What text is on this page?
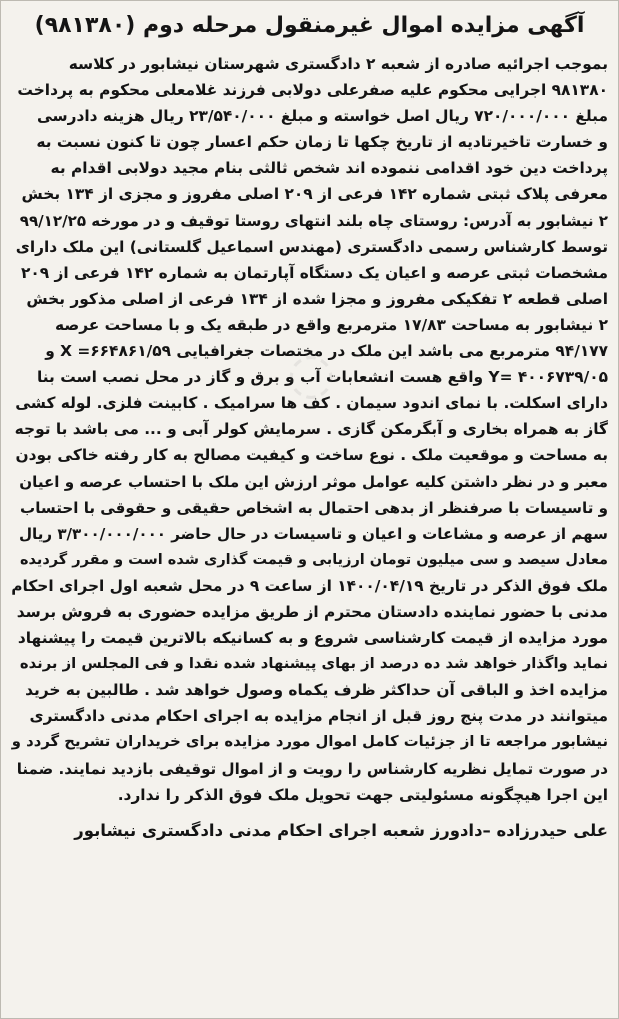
◌
آگهی مزایده اموال غیرمنقول مرحله دوم (۹۸۱۳۸۰)
بموجب اجرائیه صادره از شعبه ۲ دادگستری شهرستان نیشابور در کلاسه
۹۸۱۳۸۰ اجرایی محکوم علیه صفرعلی دولابی فرزند غلامعلی محکوم به پرداخت
مبلغ ۷۲۰/۰۰۰/۰۰۰ ریال اصل خواسته و مبلغ ۲۳/۵۴۰/۰۰۰ ریال هزینه دادرسی
و خسارت تاخیرتادیه از تاریخ چکها تا زمان حکم اعسار چون تا کنون نسبت به
پرداخت دین خود اقدامی ننموده اند شخص ثالثی بنام مجید دولابی اقدام به
معرفی پلاک ثبتی شماره ۱۴۲ فرعی از ۲۰۹ اصلی مفروز و مجزی از ۱۳۴ بخش
۲ نیشابور به آدرس: روستای چاه بلند انتهای روستا توقیف و در مورخه ۹۹/۱۲/۲۵
توسط کارشناس رسمی دادگستری (مهندس اسماعیل گلستانی) این ملک دارای
مشخصات ثبتی عرصه و اعیان یک دستگاه آپارتمان به شماره ۱۴۲ فرعی از ۲۰۹
اصلی قطعه ۲ تفکیکی مفروز و مجزا شده از ۱۳۴ فرعی از اصلی مذکور بخش
۲ نیشابور به مساحت ۱۷/۸۳ مترمربع واقع در طبقه یک و با مساحت عرصه
۹۴/۱۷۷ مترمربع می باشد این ملک در مختصات جغرافیایی ۶۶۴۸۶۱/۵۹= X و
۴۰۰۶۷۳۹/۰۵ =Y واقع هست انشعابات آب و برق و گاز در محل نصب است بنا
دارای اسکلت. با نمای اندود سیمان . کف ها سرامیک . کابینت فلزی. لوله کشی
گاز به همراه بخاری و آبگرمکن گازی . سرمایش کولر آبی و ... می باشد با توجه
به مساحت و موقعیت ملک . نوع ساخت و کیفیت مصالح به کار رفته خاکی بودن
معبر و در نظر داشتن کلیه عوامل موثر ارزش این ملک با احتساب عرصه و اعیان
و تاسیسات با صرفنظر از بدهی احتمال به اشخاص حقیقی و حقوقی با احتساب
سهم از عرصه و مشاعات و اعیان و تاسیسات در حال حاضر ۳/۳۰۰/۰۰۰/۰۰۰ ریال
معادل سیصد و سی میلیون تومان ارزیابی و قیمت گذاری شده است و مقرر گردیده
ملک فوق الذکر در تاریخ ۱۴۰۰/۰۴/۱۹ از ساعت ۹ در محل شعبه اول اجرای احکام
مدنی با حضور نماینده دادستان محترم از طریق مزایده حضوری به فروش برسد
مورد مزایده از قیمت کارشناسی شروع و به کسانیکه بالاترین قیمت را پیشنهاد
نماید واگذار خواهد شد ده درصد از بهای پیشنهاد شده نقدا و فی المجلس از برنده
مزایده اخذ و الباقی آن حداکثر ظرف یکماه وصول خواهد شد . طالبین به خرید
میتوانند در مدت پنج روز قبل از انجام مزایده به اجرای احکام مدنی دادگستری
نیشابور مراجعه تا از جزئیات کامل اموال مورد مزایده برای خریداران تشریح گردد و
در صورت تمایل نظریه کارشناس را رویت و از اموال توقیفی بازدید نمایند. ضمنا
این اجرا هیچگونه مسئولیتی جهت تحویل ملک فوق الذکر را ندارد.
علی حیدرزاده –دادورز شعبه اجرای احکام مدنی دادگستری نیشابور
